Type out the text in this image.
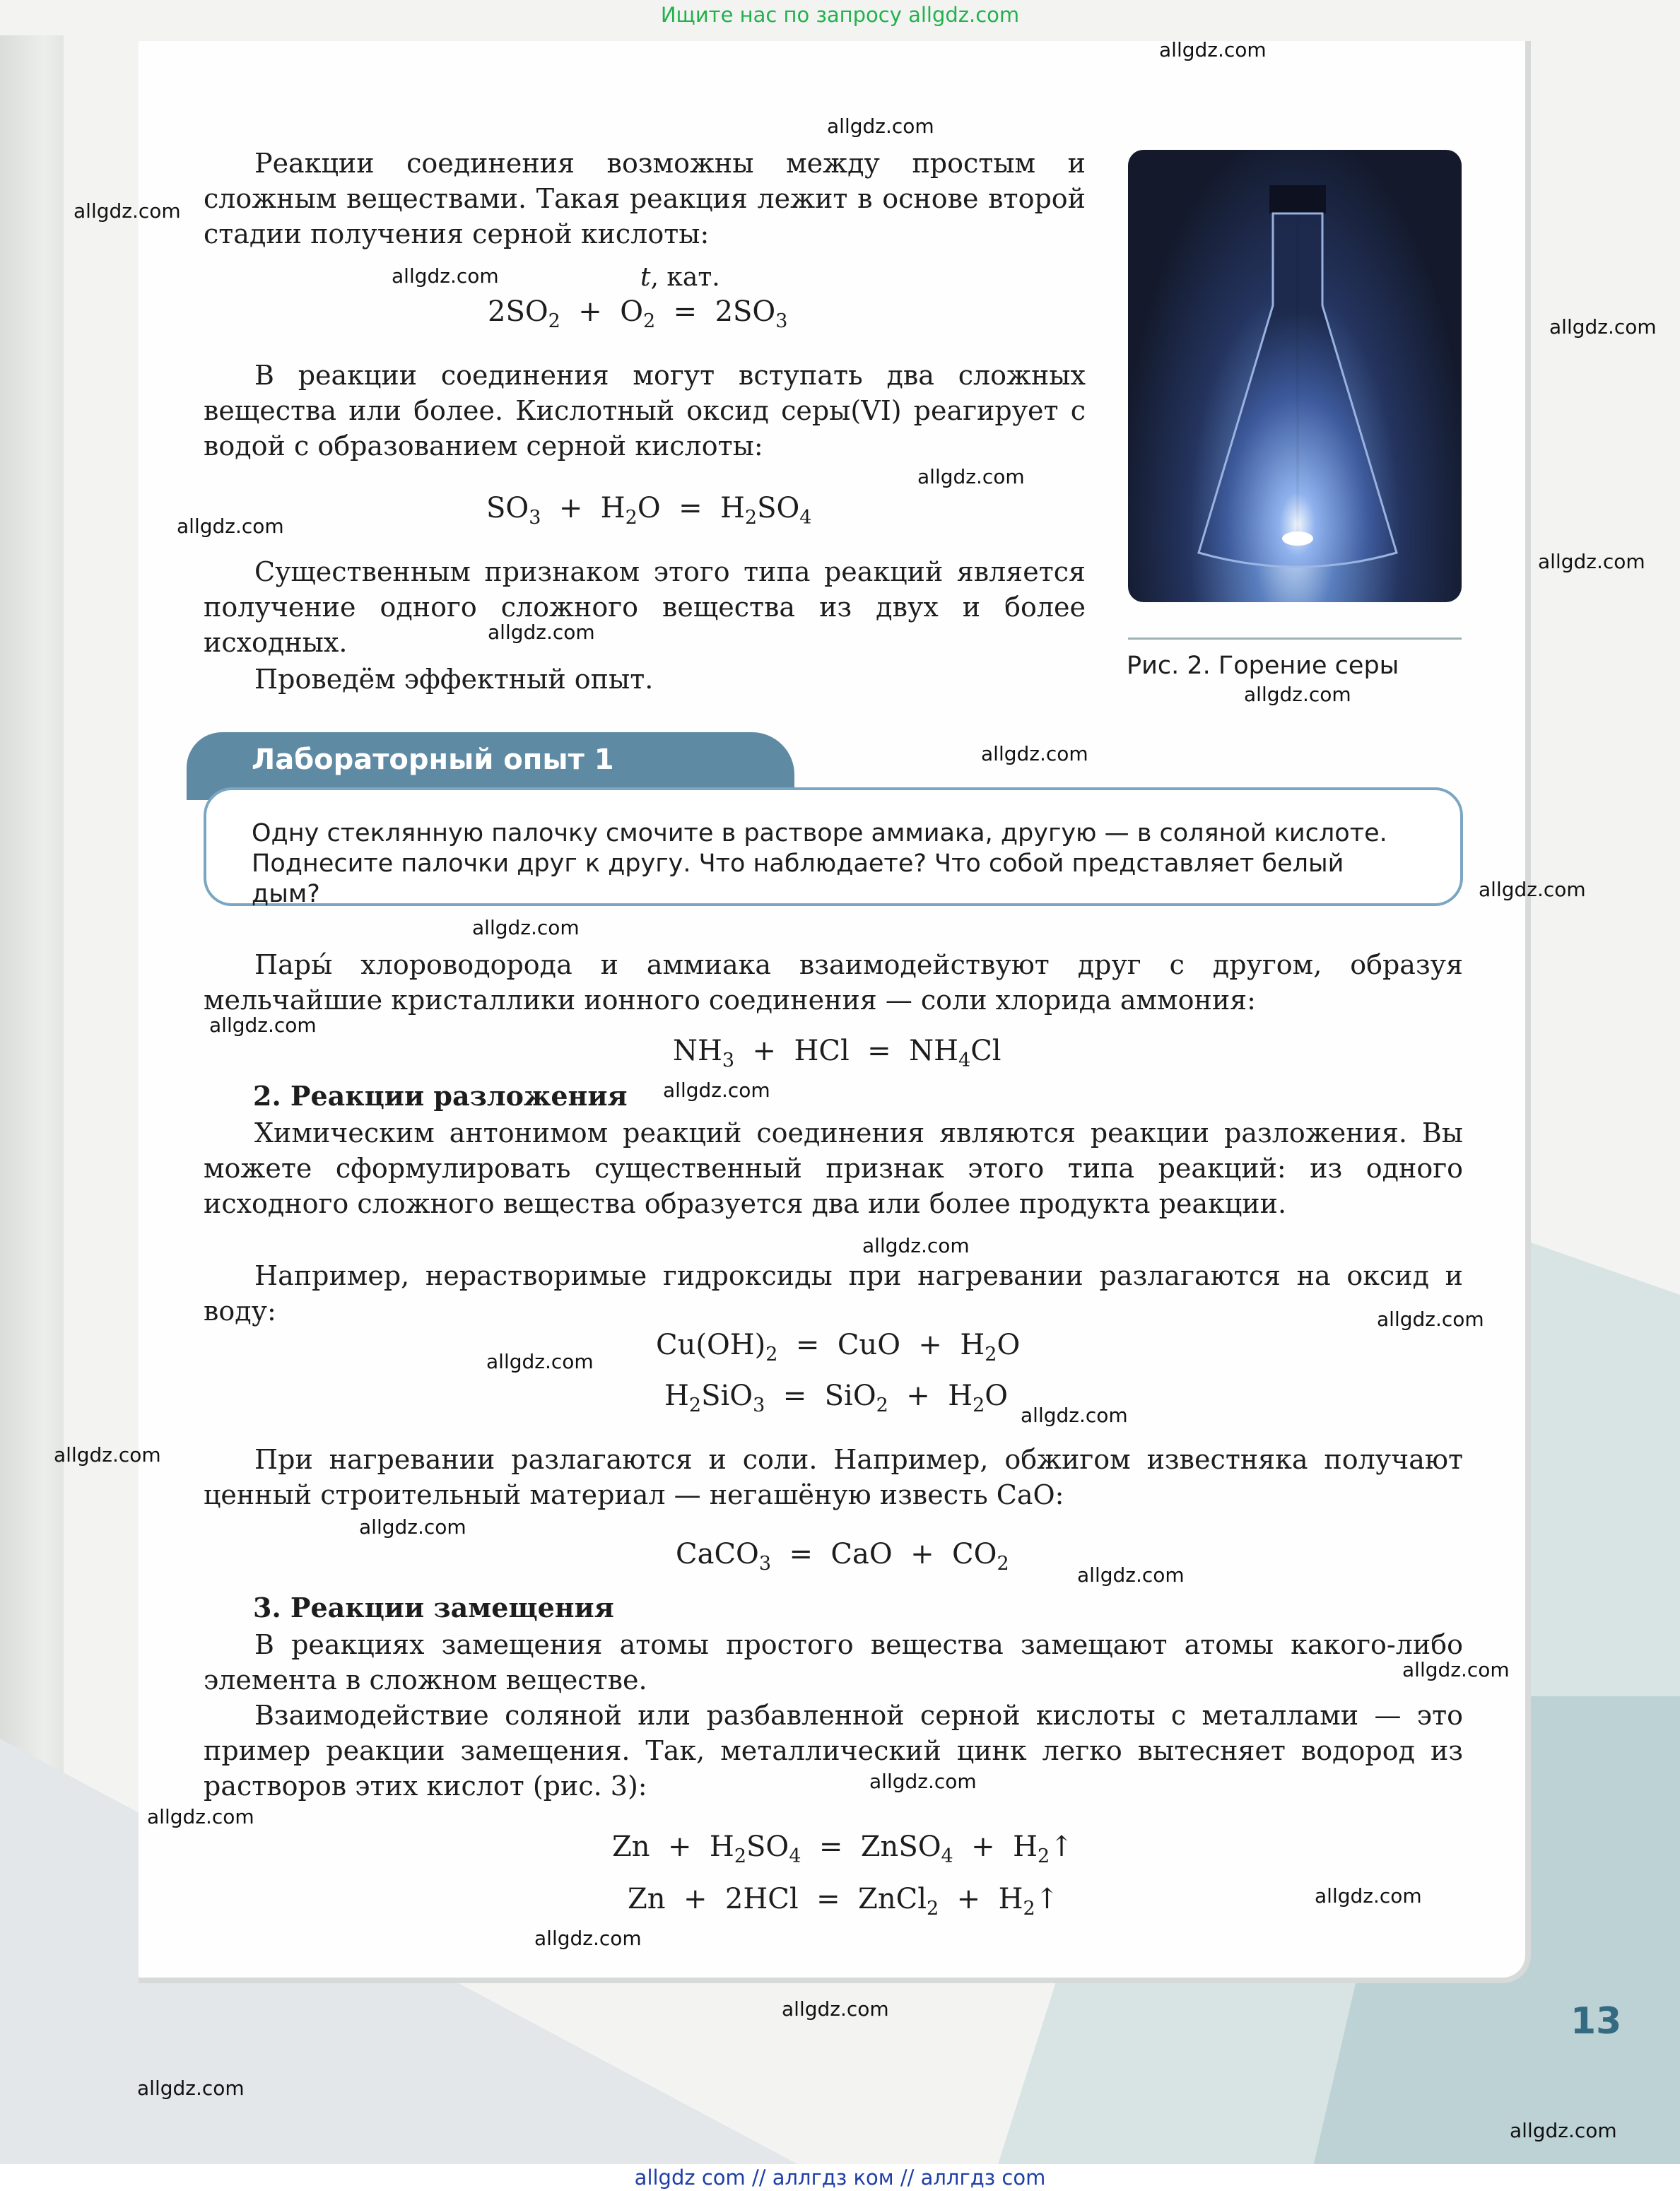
Ищите нас по запросу allgdz.com
Реакции соединения возможны между простым и сложным веществами. Такая реакция лежит в основе второй стадии получения серной кислоты:
t, кат.
$2SO_2 + O_2 = 2SO_3$
В реакции соединения могут вступать два сложных вещества или более. Кислотный оксид серы(VI) реагирует с водой с образованием серной кислоты:
$SO_3 + H_2O = H_2SO_4$
Существенным признаком этого типа реакций является получение одного сложного вещества из двух и более исходных.
Проведём эффектный опыт.	Рис. 2. Горение серы
Лабораторный опыт 1
Одну стеклянную палочку смочите в растворе аммиака, другую — в соляной кислоте.
Поднесите палочки друг к другу. Что наблюдаете? Что собой представляет белый дым?
Пары́ хлороводорода и аммиака взаимодействуют друг с другом, образуя мельчайшие кристаллики ионного соединения — соли хлорида аммония:
$NH_3$  +  HCl  =  $NH_4Cl$
2. Реакции разложения
Химическим антонимом реакций соединения являются реакции разложения. Вы можете сформулировать существенный признак этого типа реакций: из одного исходного сложного вещества образуется два или более продукта реакции.
Например, нерастворимые гидроксиды при нагревании разлагаются на оксид и воду:
$Cu(OH)_2$  =  CuO  +  $H_2O$
$H_2SiO_3 = SiO_2 + H_2O$
При нагревании разлагаются и соли. Например, обжигом известняка получают ценный строительный материал — негашёную известь CaO:
CaCO$_3$  =  CaO  +  $CO_2$
3. Реакции замещения
В реакциях замещения атомы простого вещества замещают атомы какого-либо элемента в сложном веществе.
Взаимодействие соляной или разбавленной серной кислоты с металлами — это пример реакции замещения. Так, металлический цинк легко вытесняет водород из растворов этих кислот (рис. 3):
$Zn + H_2SO_4$  =  ZnSO$_4$  +  $H_2↑$
Zn  +  2HCl  =  ZnCl$_2$  +  $H_2↑$
13
allgdz.com
allgdz.com
allgdz.com
allgdz.com
allgdz.com
allgdz.com
allgdz.com
allgdz.com
allgdz.com
allgdz.com
allgdz.com
allgdz.com
allgdz.com
allgdz.com
allgdz.com
allgdz.com
allgdz.com
allgdz.com
allgdz.com
allgdz.com
allgdz.com
allgdz.com
allgdz.com
allgdz.com
allgdz.com
allgdz.com
allgdz.com
allgdz.com
allgdz.com
allgdz.com
allgdz com // аллгдз ком // аллгдз com
